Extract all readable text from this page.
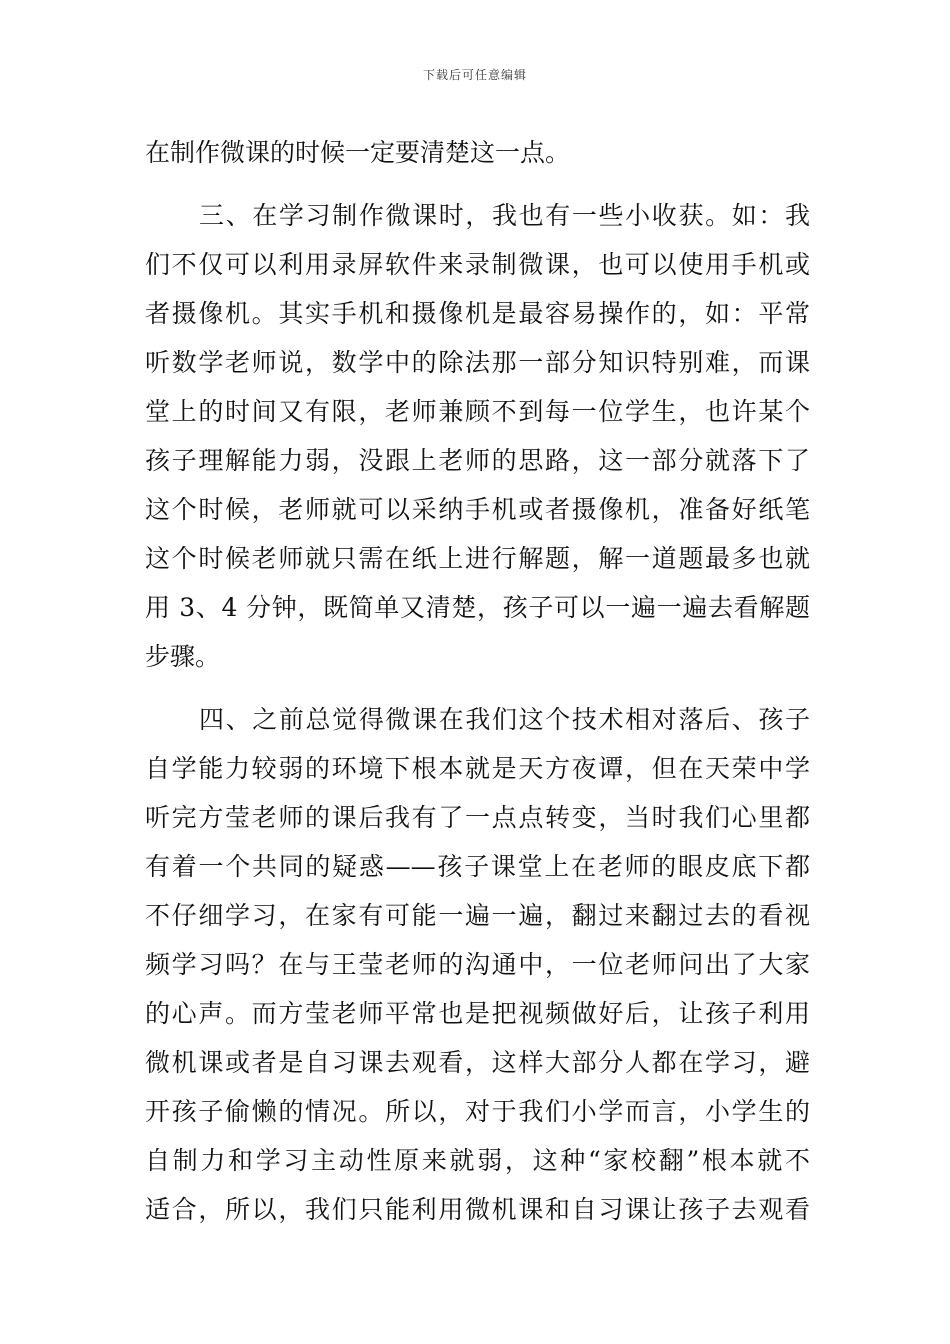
下载后可任意编辑
在制作微课的时候一定要清楚这一点。
三、在学习制作微课时，我也有一些小收获。如：我
们不仅可以利用录屏软件来录制微课，也可以使用手机或
者摄像机。其实手机和摄像机是最容易操作的，如：平常
听数学老师说，数学中的除法那一部分知识特别难，而课
堂上的时间又有限，老师兼顾不到每一位学生，也许某个
孩子理解能力弱，没跟上老师的思路，这一部分就落下了
这个时候，老师就可以采纳手机或者摄像机，准备好纸笔
这个时候老师就只需在纸上进行解题，解一道题最多也就
用 3、4 分钟，既简单又清楚，孩子可以一遍一遍去看解题
步骤。
四、之前总觉得微课在我们这个技术相对落后、孩子
自学能力较弱的环境下根本就是天方夜谭，但在天荣中学
听完方莹老师的课后我有了一点点转变，当时我们心里都
有着一个共同的疑惑——孩子课堂上在老师的眼皮底下都
不仔细学习，在家有可能一遍一遍，翻过来翻过去的看视
频学习吗？在与王莹老师的沟通中，一位老师问出了大家
的心声。而方莹老师平常也是把视频做好后，让孩子利用
微机课或者是自习课去观看，这样大部分人都在学习，避
开孩子偷懒的情况。所以，对于我们小学而言，小学生的
自制力和学习主动性原来就弱，这种“家校翻”根本就不
适合，所以，我们只能利用微机课和自习课让孩子去观看
